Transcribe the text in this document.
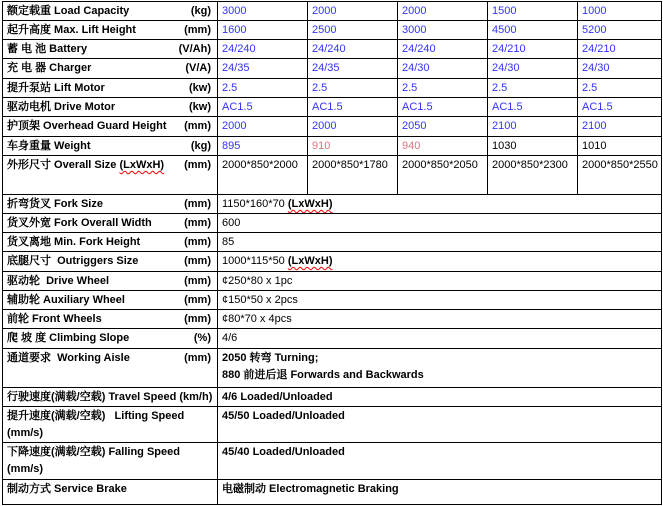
额定载重 Load Capacity (kg)	3000	2000	2000	1500	1000

起升高度 Max. Lift Height (mm)	1600	2500	3000	4500	5200

蓄 电 池 Battery (V/Ah)	24/240	24/240	24/240	24/210	24/210

充 电 器 Charger (V/A)	24/35	24/35	24/30	24/30	24/30

提升泵站 Lift Motor (kw)	2.5	2.5	2.5	2.5	2.5

驱动电机 Drive Motor (kw)	AC1.5	AC1.5	AC1.5	AC1.5	AC1.5

护顶架 Overhead Guard Height (mm)	2000	2000	2050	2100	2100

车身重量 Weight (kg)	895	910	940	1030	1010

外形尺寸 Overall Size (LxWxH) (mm)	2000*850*2000	2000*850*1780	2000*850*2050	2000*850*2300	2000*850*2550

折弯货叉 Fork Size (mm)	1150*160*70 (LxWxH)				

货叉外宽 Fork Overall Width (mm)	600				

货叉离地 Min. Fork Height (mm)	85				

底腿尺寸  Outriggers Size (mm)	1000*115*50 (LxWxH)				

驱动轮  Drive Wheel (mm)	¢250*80 x 1pc				

辅助轮 Auxiliary Wheel (mm)	¢150*50 x 2pcs				

前轮 Front Wheels (mm)	¢80*70 x 4pcs				

爬 坡 度 Climbing Slope (%)	4/6				

通道要求  Working Aisle	(mm)	2050 转弯 Turning;
880 前进后退 Forwards and Backwards

行驶速度(满载/空载) Travel Speed (km/h)	4/6 Loaded/Unloaded				

提升速度(满载/空载)   Lifting Speed
(mm/s)	45/50 Loaded/Unloaded				

下降速度(满载/空载) Falling Speed
(mm/s)	45/40 Loaded/Unloaded				

制动方式 Service Brake	电磁制动 Electromagnetic Braking				
